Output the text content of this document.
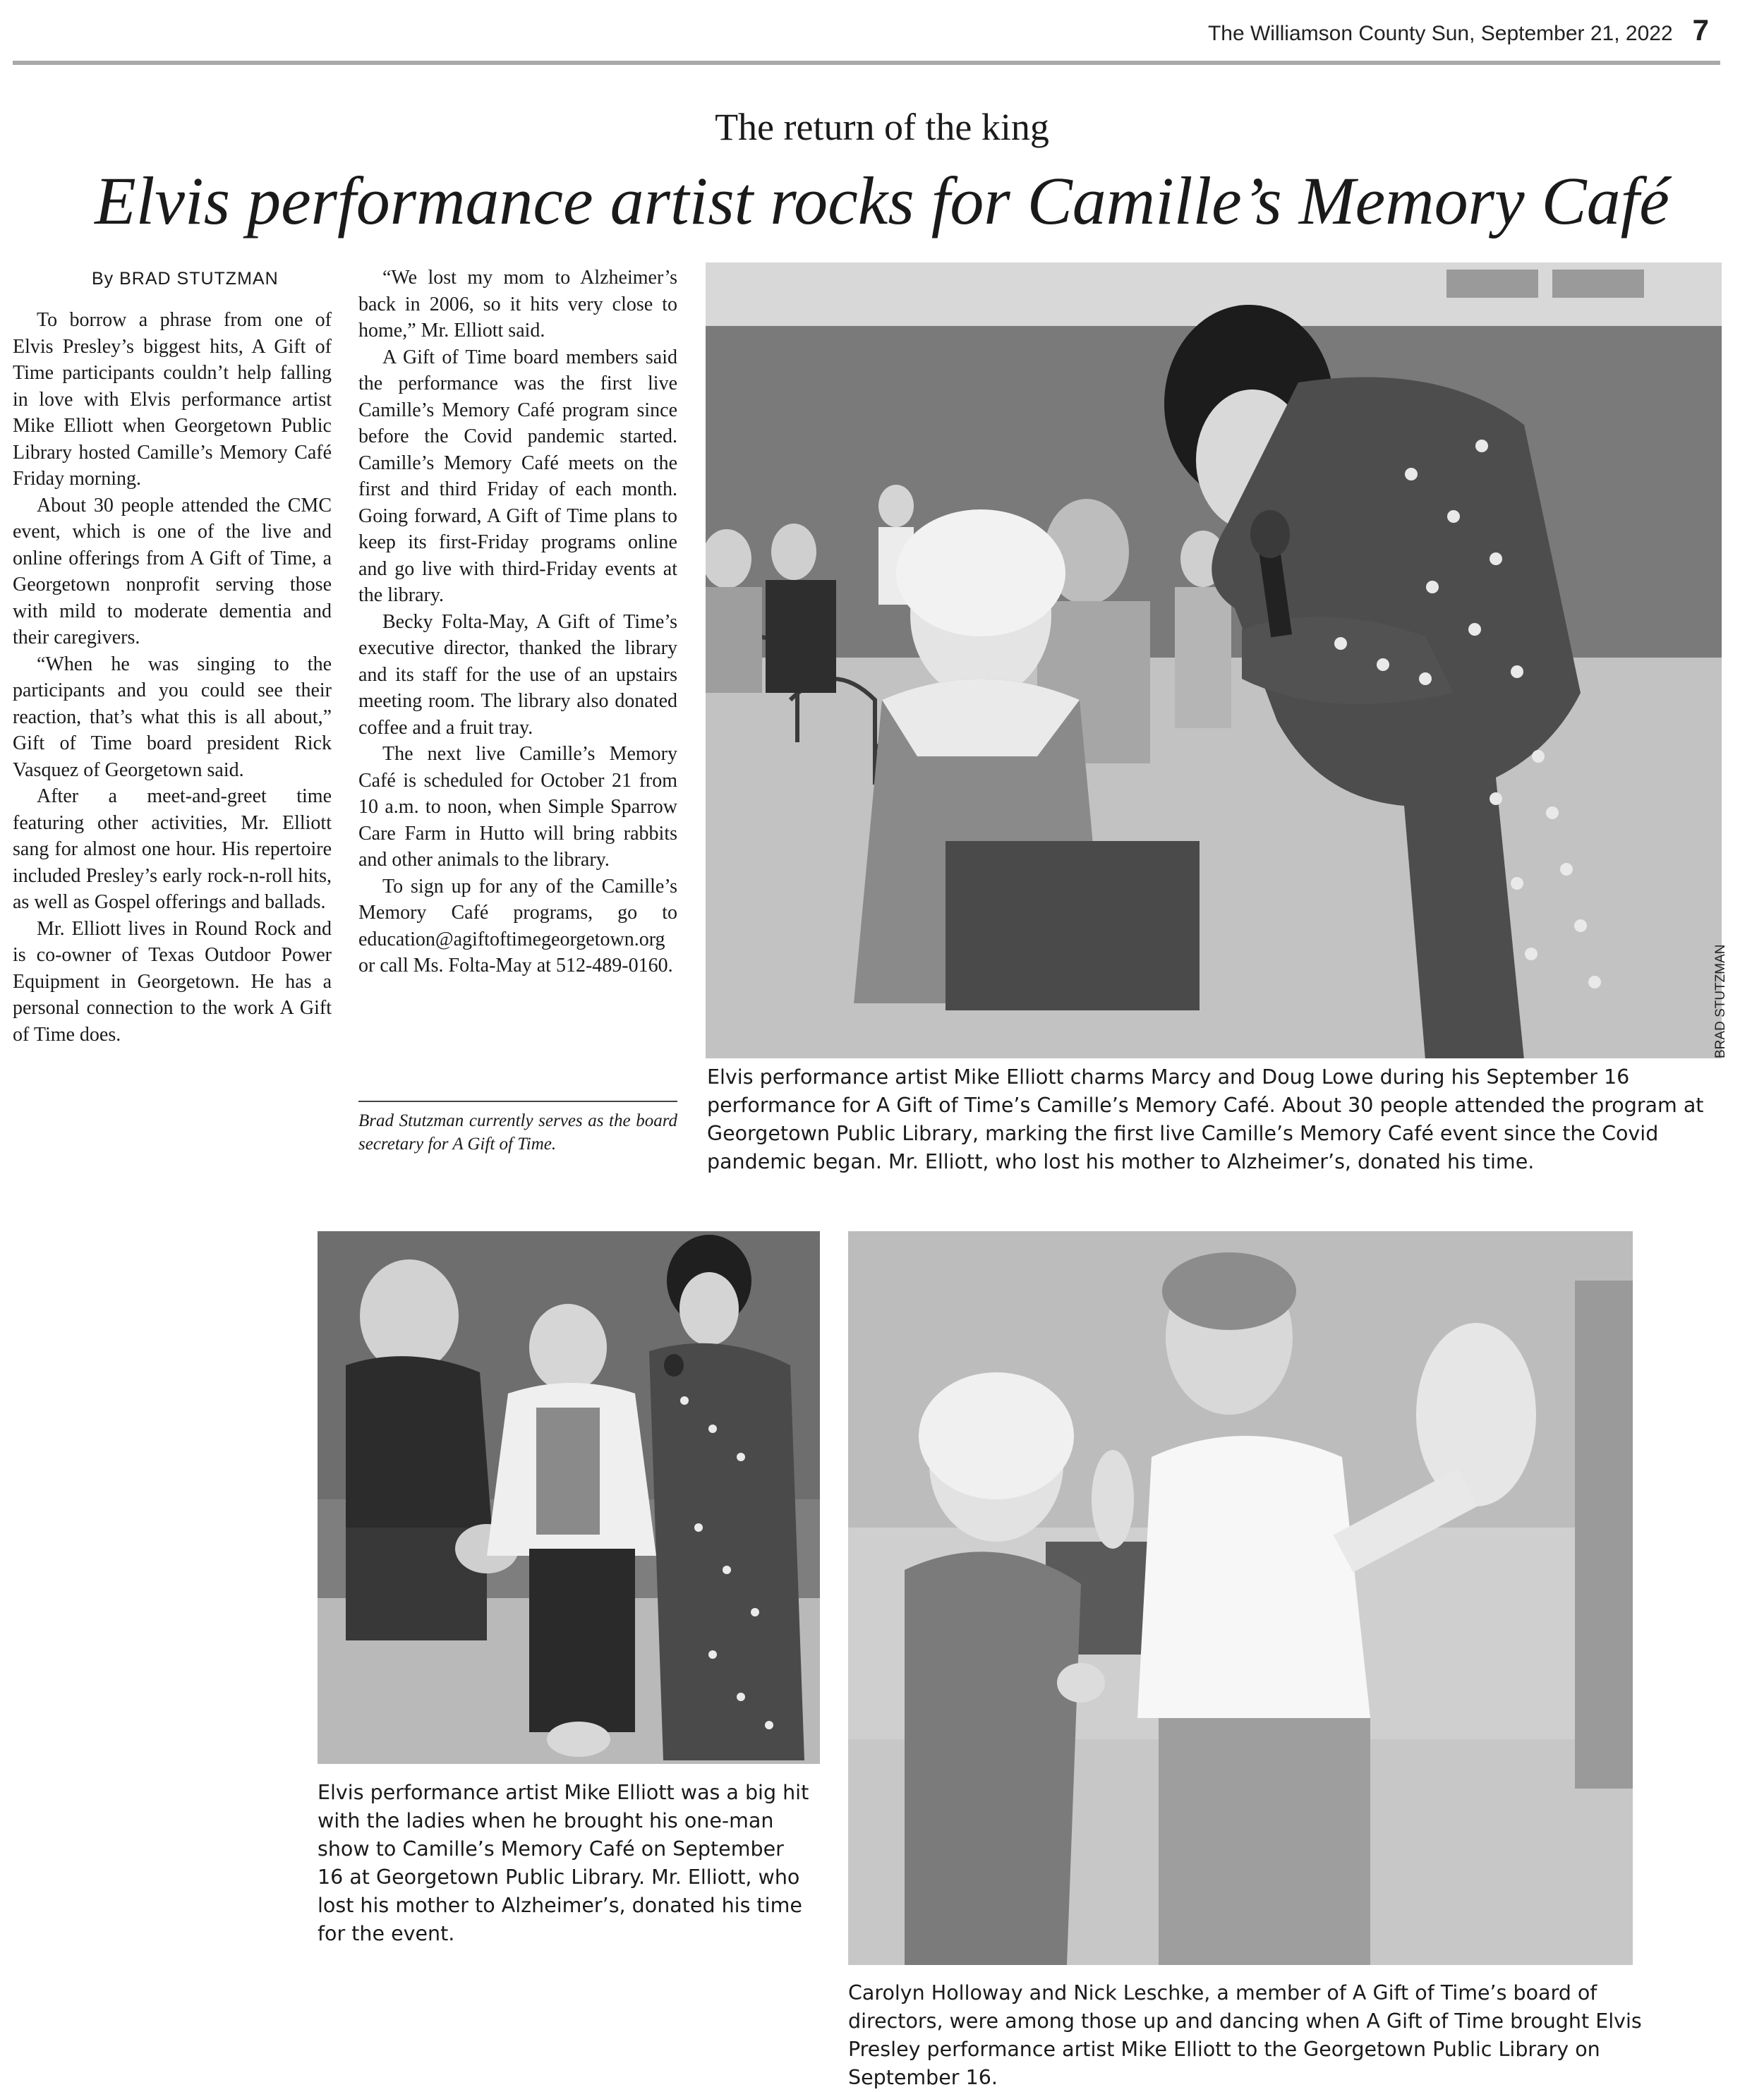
The Williamson County Sun, September 21, 2022 7
The return of the king
Elvis performance artist rocks for Camille’s Memory Café
By BRAD STUTZMAN

To borrow a phrase from one of Elvis Presley’s biggest hits, A Gift of Time participants couldn’t help falling in love with Elvis performance artist Mike Elliott when Georgetown Public Library hosted Camille’s Memory Café Friday morning.

About 30 people attended the CMC event, which is one of the live and online offerings from A Gift of Time, a Georgetown nonprofit serving those with mild to moderate dementia and their caregivers.

“When he was singing to the participants and you could see their reaction, that’s what this is all about,” Gift of Time board president Rick Vasquez of Georgetown said.

After a meet-and-greet time featuring other activities, Mr. Elliott sang for almost one hour. His repertoire included Presley’s early rock-n-roll hits, as well as Gospel offerings and ballads.

Mr. Elliott lives in Round Rock and is co-owner of Texas Outdoor Power Equipment in Georgetown. He has a personal connection to the work A Gift of Time does.

“We lost my mom to Alzheimer’s back in 2006, so it hits very close to home,” Mr. Elliott said.

A Gift of Time board members said the performance was the first live Camille’s Memory Café program since before the Covid pandemic started. Camille’s Memory Café meets on the first and third Friday of each month. Going forward, A Gift of Time plans to keep its first-Friday programs online and go live with third-Friday events at the library.

Becky Folta-May, A Gift of Time’s executive director, thanked the library and its staff for the use of an upstairs meeting room. The library also donated coffee and a fruit tray.

The next live Camille’s Memory Café is scheduled for October 21 from 10 a.m. to noon, when Simple Sparrow Care Farm in Hutto will bring rabbits and other animals to the library.

To sign up for any of the Camille’s Memory Café programs, go to education@agiftoftimegeorgetown.org or call Ms. Folta-May at 512-489-0160.

Brad Stutzman currently serves as the board secretary for A Gift of Time.
BRAD STUTZMAN
Elvis performance artist Mike Elliott charms Marcy and Doug Lowe during his September 16 performance for A Gift of Time’s Camille’s Memory Café. About 30 people attended the program at Georgetown Public Library, marking the first live Camille’s Memory Café event since the Covid pandemic began. Mr. Elliott, who lost his mother to Alzheimer’s, donated his time.
Elvis performance artist Mike Elliott was a big hit with the ladies when he brought his one-man show to Camille’s Memory Café on September 16 at Georgetown Public Library. Mr. Elliott, who lost his mother to Alzheimer’s, donated his time for the event.
Carolyn Holloway and Nick Leschke, a member of A Gift of Time’s board of directors, were among those up and dancing when A Gift of Time brought Elvis Presley performance artist Mike Elliott to the Georgetown Public Library on September 16.
